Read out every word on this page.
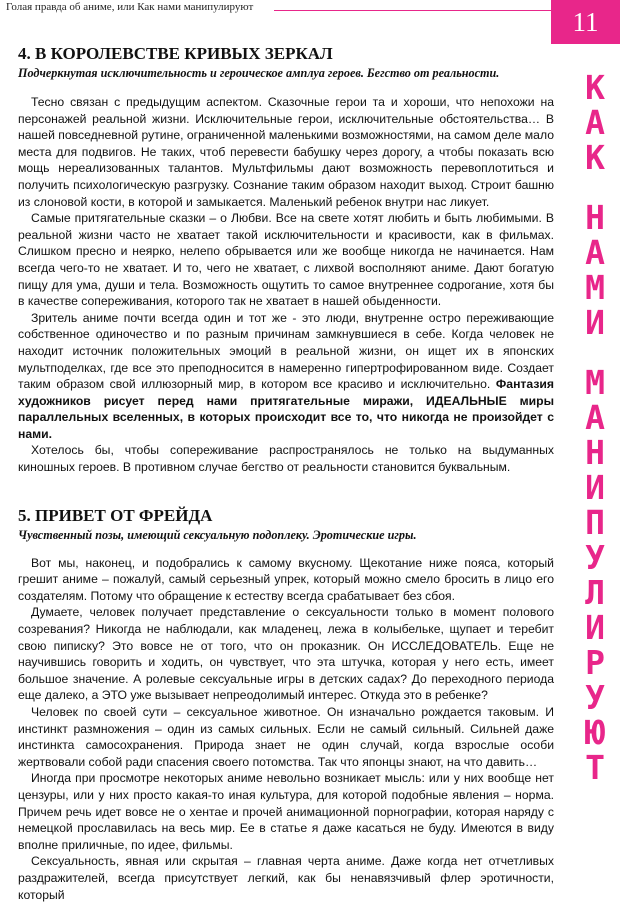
Голая правда об аниме, или Как нами манипулируют	11
К
А
К
Н
А
М
И
М
А
Н
И
П
У
Л
И
Р
У
Ю
Т
4. В КОРОЛЕВСТВЕ КРИВЫХ ЗЕРКАЛ
Подчеркнутая исключительность и героическое амплуа героев. Бегство от реальности.

Тесно связан с предыдущим аспектом. Сказочные герои та и хороши, что непохожи на персонажей реальной жизни. Исключительные герои, исключительные обстоятельства… В нашей повседневной рутине, ограниченной маленькими возможностями, на самом деле мало места для подвигов. Не таких, чтоб перевести бабушку через дорогу, а чтобы показать всю мощь нереализованных талантов. Мультфильмы дают возможность перевоплотиться и получить психологическую разгрузку. Сознание таким образом находит выход. Строит башню из слоновой кости, в которой и замыкается. Маленький ребенок внутри нас ликует.

Самые притягательные сказки – о Любви. Все на свете хотят любить и быть любимыми. В реальной жизни часто не хватает такой исключительности и красивости, как в фильмах. Слишком пресно и неярко, нелепо обрывается или же вообще никогда не начинается. Нам всегда чего-то не хватает. И то, чего не хватает, с лихвой восполняют аниме. Дают богатую пищу для ума, души и тела. Возможность ощутить то самое внутреннее содрогание, хотя бы в качестве сопереживания, которого так не хватает в нашей обыденности.

Зритель аниме почти всегда один и тот же - это люди, внутренне остро переживающие собственное одиночество и по разным причинам замкнувшиеся в себе. Когда человек не находит источник положительных эмоций в реальной жизни, он ищет их в японских мультподелках, где все это преподносится в намеренно гипертрофированном виде. Создает таким образом свой иллюзорный мир, в котором все красиво и исключительно. Фантазия художников рисует перед нами притягательные миражи, ИДЕАЛЬНЫЕ миры параллельных вселенных, в которых происходит все то, что никогда не произойдет с нами.

Хотелось бы, чтобы сопереживание распространялось не только на выдуманных киношных героев. В противном случае бегство от реальности становится буквальным.

5. ПРИВЕТ ОТ ФРЕЙДА
Чувственный позы, имеющий сексуальную подоплеку. Эротические игры.

Вот мы, наконец, и подобрались к самому вкусному. Щекотание ниже пояса, который грешит аниме – пожалуй, самый серьезный упрек, который можно смело бросить в лицо его создателям. Потому что обращение к естеству всегда срабатывает без сбоя.

Думаете, человек получает представление о сексуальности только в момент полового созревания? Никогда не наблюдали, как младенец, лежа в колыбельке, щупает и теребит свою пиписку? Это вовсе не от того, что он проказник. Он ИССЛЕДОВАТЕЛЬ. Еще не научившись говорить и ходить, он чувствует, что эта штучка, которая у него есть, имеет большое значение. А ролевые сексуальные игры в детских садах? До переходного периода еще далеко, а ЭТО уже вызывает непреодолимый интерес. Откуда это в ребенке?

Человек по своей сути – сексуальное животное. Он изначально рождается таковым. И инстинкт размножения – один из самых сильных. Если не самый сильный. Сильней даже инстинкта самосохранения. Природа знает не один случай, когда взрослые особи жертвовали собой ради спасения своего потомства. Так что японцы знают, на что давить…

Иногда при просмотре некоторых аниме невольно возникает мысль: или у них вообще нет цензуры, или у них просто какая-то иная культура, для которой подобные явления – норма. Причем речь идет вовсе не о хентае и прочей анимационной порнографии, которая наряду с немецкой прославилась на весь мир. Ее в статье я даже касаться не буду. Имеются в виду вполне приличные, по идее, фильмы.

Сексуальность, явная или скрытая – главная черта аниме. Даже когда нет отчетливых раздражителей, всегда присутствует легкий, как бы ненавязчивый флер эротичности, который
